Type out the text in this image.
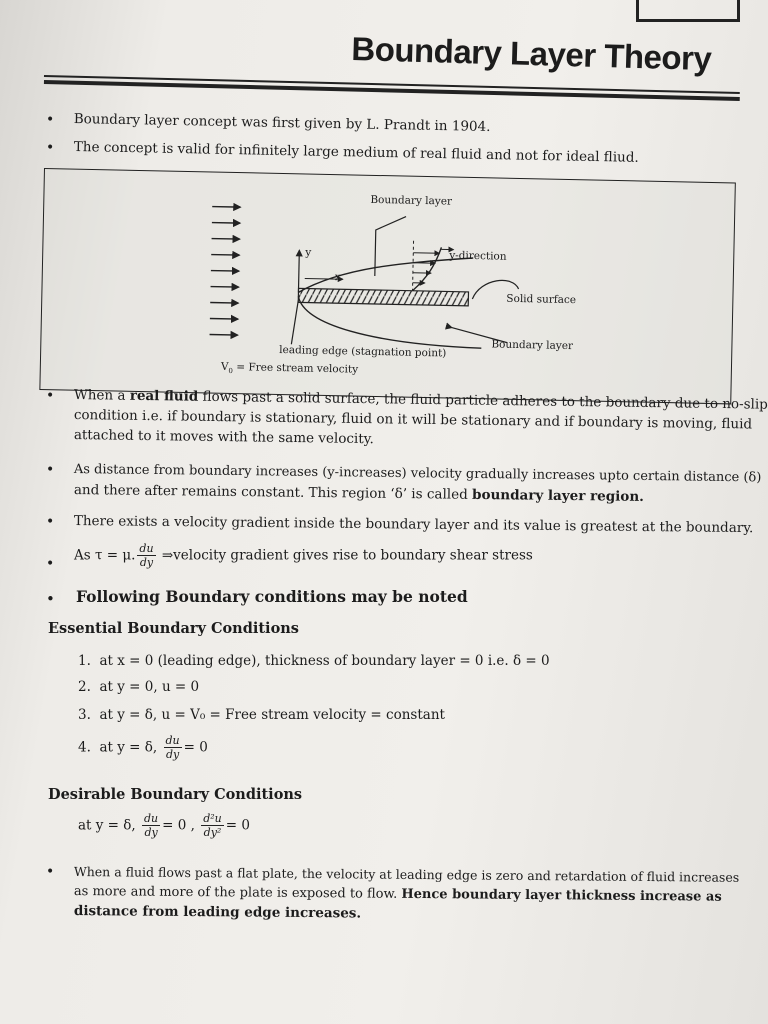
Boundary Layer Theory
• Boundary layer concept was first given by L. Prandt in 1904.
• The concept is valid for infinitely large medium of real fluid and not for ideal fliud.
Boundary layer
y-direction
y
x
Solid surface
Boundary layer
leading edge (stagnation point)
$V_0$ = Free stream velocity
• When a real fluid flows past a solid surface, the fluid particle adheres to the boundary due to no-slip
condition i.e. if boundary is stationary, fluid on it will be stationary and if boundary is moving, fluid
attached to it moves with the same velocity.
• As distance from boundary increases (y-increases) velocity gradually increases upto certain distance (δ)
and there after remains constant. This region ‘δ’ is called boundary layer region.
• There exists a velocity gradient inside the boundary layer and its value is greatest at the boundary.
•
As τ = μ. $\frac{du}{dy}$ ⇒velocity gradient gives rise to boundary shear stress
• Following Boundary conditions may be noted
Essential Boundary Conditions
1. at x = 0 (leading edge), thickness of boundary layer = 0 i.e. δ = 0
2. at y = 0, u = 0
3. at y = δ, u = V₀ = Free stream velocity = constant
4. at y = δ, $\frac{du}{dy} = 0$
Desirable Boundary Conditions
at y = δ, $\frac{du}{dy} = 0$ , $\frac{\text{d²u}}{\text{dy²}} = 0$
• When a fluid flows past a flat plate, the velocity at leading edge is zero and retardation of fluid increases
as more and more of the plate is exposed to flow. Hence boundary layer thickness increase as
distance from leading edge increases.
